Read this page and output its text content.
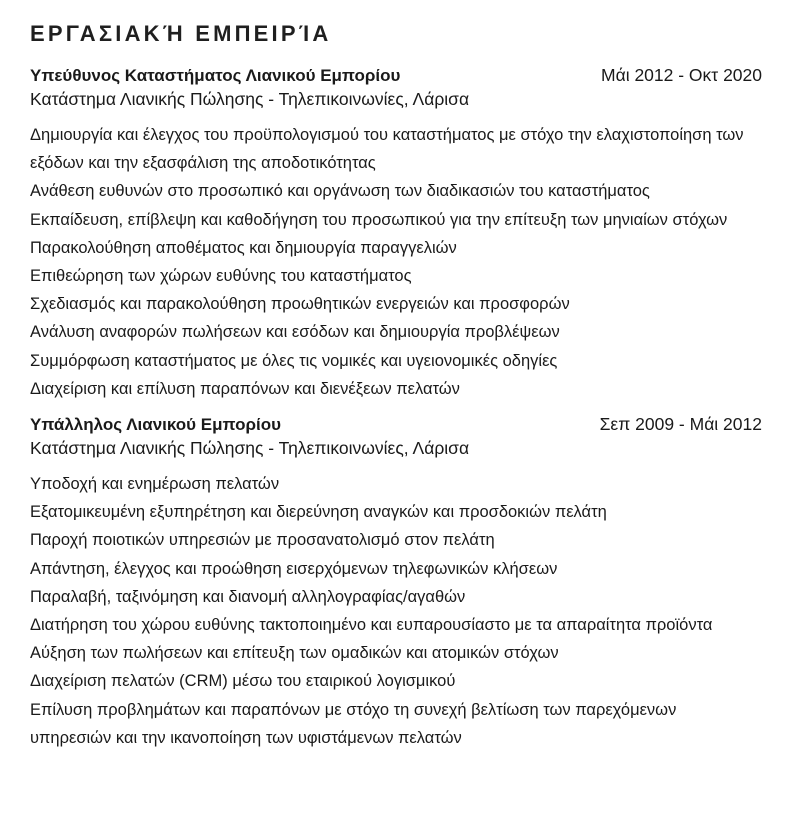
ΕΡΓΑΣΙΑΚΉ ΕΜΠΕΙΡΊΑ
Υπεύθυνος Καταστήματος Λιανικού Εμπορίου	Μάι 2012 - Οκτ 2020
Κατάστημα Λιανικής Πώλησης - Τηλεπικοινωνίες, Λάρισα
Δημιουργία και έλεγχος του προϋπολογισμού του καταστήματος με στόχο την ελαχιστοποίηση των εξόδων και την εξασφάλιση της αποδοτικότητας
Ανάθεση ευθυνών στο προσωπικό και οργάνωση των διαδικασιών του καταστήματος
Εκπαίδευση, επίβλεψη και καθοδήγηση του προσωπικού για την επίτευξη των μηνιαίων στόχων
Παρακολούθηση αποθέματος και δημιουργία παραγγελιών
Επιθεώρηση των χώρων ευθύνης του καταστήματος
Σχεδιασμός και παρακολούθηση προωθητικών ενεργειών και προσφορών
Ανάλυση αναφορών πωλήσεων και εσόδων και δημιουργία προβλέψεων
Συμμόρφωση καταστήματος με όλες τις νομικές και υγειονομικές οδηγίες
Διαχείριση και επίλυση παραπόνων και διενέξεων πελατών
Υπάλληλος Λιανικού Εμπορίου	Σεπ 2009 - Μάι 2012
Κατάστημα Λιανικής Πώλησης - Τηλεπικοινωνίες, Λάρισα
Υποδοχή και ενημέρωση πελατών
Εξατομικευμένη εξυπηρέτηση και διερεύνηση αναγκών και προσδοκιών πελάτη
Παροχή ποιοτικών υπηρεσιών με προσανατολισμό στον πελάτη
Απάντηση, έλεγχος και προώθηση εισερχόμενων τηλεφωνικών κλήσεων
Παραλαβή, ταξινόμηση και διανομή αλληλογραφίας/αγαθών
Διατήρηση του χώρου ευθύνης τακτοποιημένο και ευπαρουσίαστο με τα απαραίτητα προϊόντα
Αύξηση των πωλήσεων και επίτευξη των ομαδικών και ατομικών στόχων
Διαχείριση πελατών (CRM) μέσω του εταιρικού λογισμικού
Επίλυση προβλημάτων και παραπόνων με στόχο τη συνεχή βελτίωση των παρεχόμενων υπηρεσιών και την ικανοποίηση των υφιστάμενων πελατών
